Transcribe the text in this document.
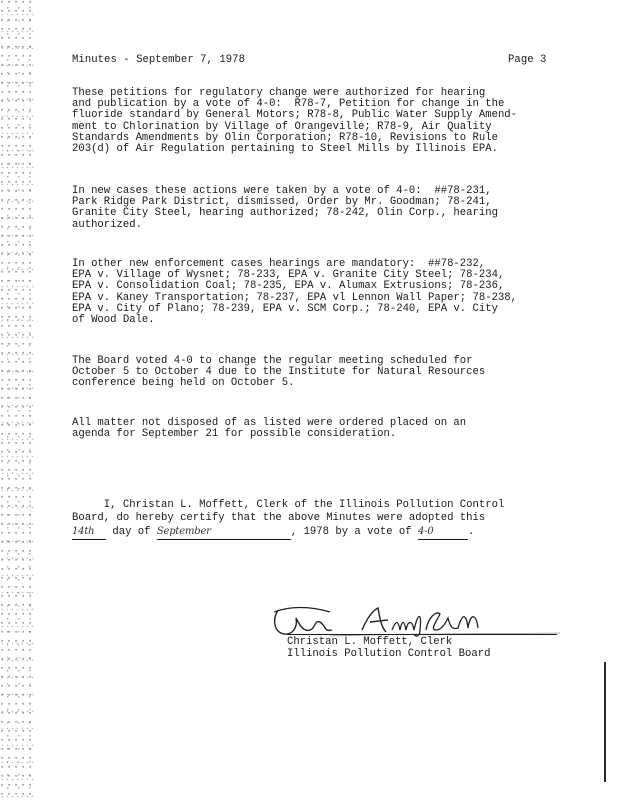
Minutes - September 7, 1978	Page 3
These petitions for regulatory change were authorized for hearing
and publication by a vote of 4-0:  R78-7, Petition for change in the
fluoride standard by General Motors; R78-8, Public Water Supply Amend-
ment to Chlorination by Village of Orangeville; R78-9, Air Quality
Standards Amendments by Olin Corporation; R78-10, Revisions to Rule
203(d) of Air Regulation pertaining to Steel Mills by Illinois EPA.
In new cases these actions were taken by a vote of 4-0:  ##78-231,
Park Ridge Park District, dismissed, Order by Mr. Goodman; 78-241,
Granite City Steel, hearing authorized; 78-242, Olin Corp., hearing
authorized.
In other new enforcement cases hearings are mandatory:  ##78-232,
EPA v. Village of Wysnet; 78-233, EPA v. Granite City Steel; 78-234,
EPA v. Consolidation Coal; 78-235, EPA v. Alumax Extrusions; 78-236,
EPA v. Kaney Transportation; 78-237, EPA vl Lennon Wall Paper; 78-238,
EPA v. City of Plano; 78-239, EPA v. SCM Corp.; 78-240, EPA v. City
of Wood Dale.
The Board voted 4-0 to change the regular meeting scheduled for
October 5 to October 4 due to the Institute for Natural Resources
conference being held on October 5.
All matter not disposed of as listed were ordered placed on an
agenda for September 21 for possible consideration.
I, Christan L. Moffett, Clerk of the Illinois Pollution Control
Board, do hereby certify that the above Minutes were adopted this
14th day of September	, 1978 by a vote of 4-0	.
Christan L. Moffett, Clerk
Illinois Pollution Control Board
